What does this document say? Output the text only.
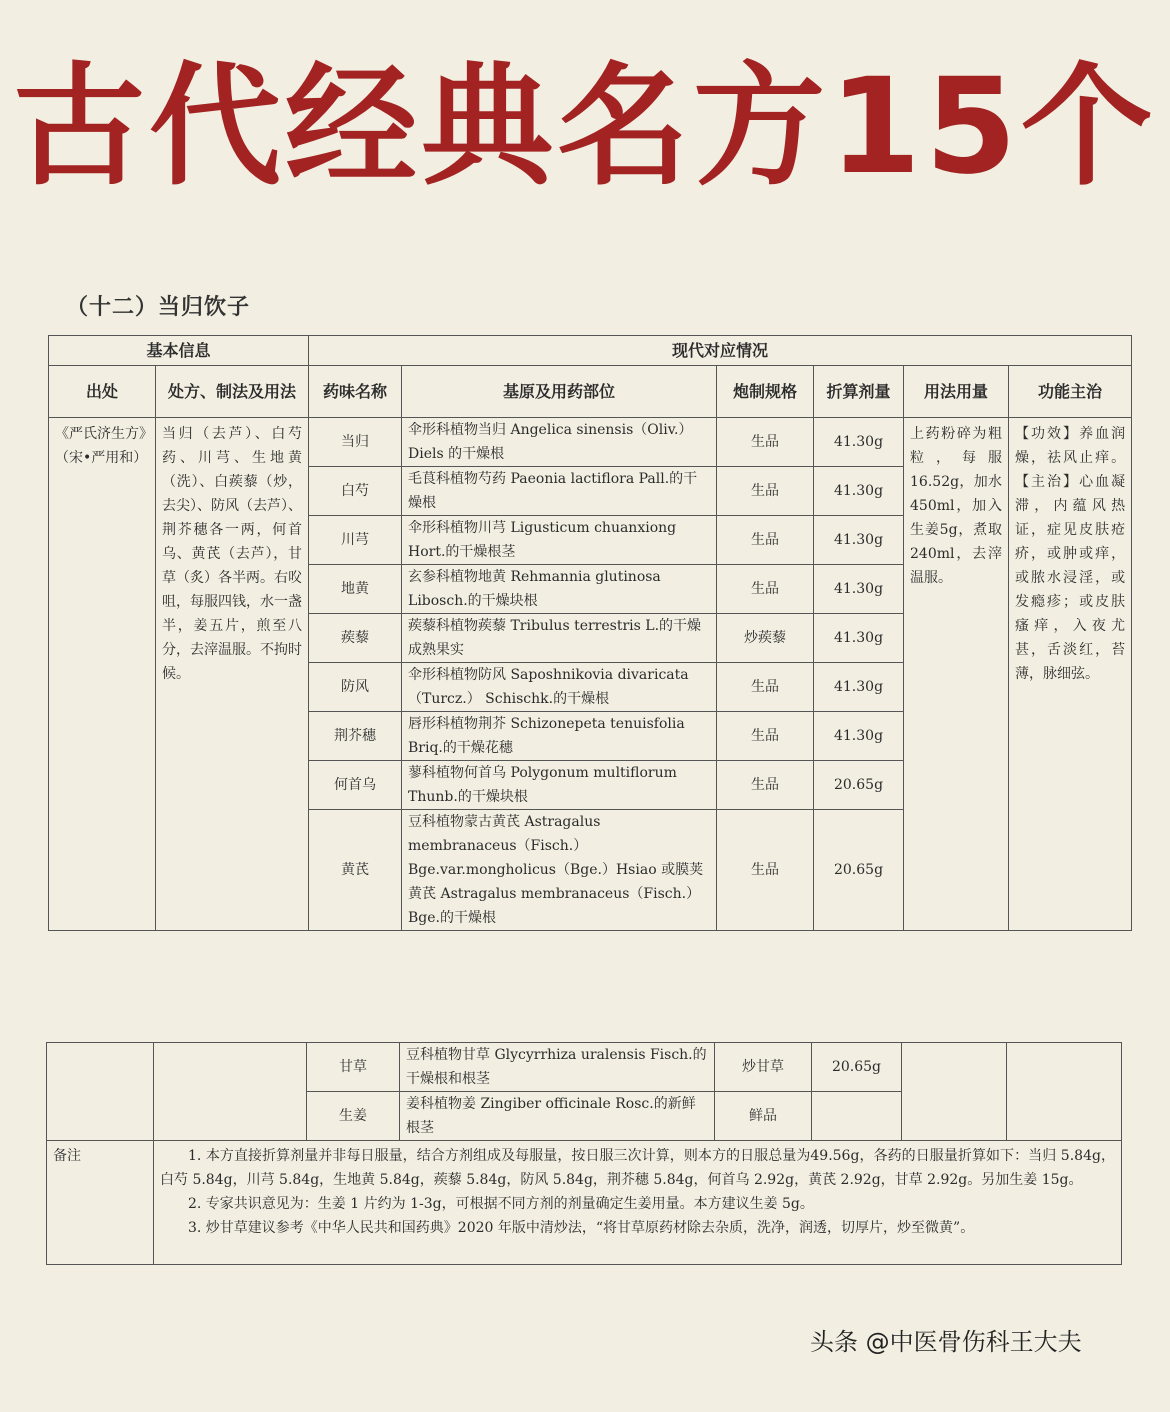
古代经典名方15个
（十二）当归饮子
基本信息		现代对应情况					
出处	处方、制法及用法	药味名称	基原及用药部位	炮制规格	折算剂量	用法用量	功能主治
《严氏济生方》（宋•严用和）	当归（去芦）、白芍药、川芎、生地黄（洗）、白蒺藜（炒，去尖）、防风（去芦）、荆芥穗各一两，何首乌、黄芪（去芦），甘草（炙）各半两。右㕮咀，每服四钱，水一盏半，姜五片，煎至八分，去滓温服。不拘时候。	当归	伞形科植物当归 Angelica sinensis（Oliv.） Diels 的干燥根	生品	41.30g	上药粉碎为粗粒，每服16.52g，加水450ml，加入生姜5g，煮取240ml，去滓温服。	【功效】养血润燥，祛风止痒。【主治】心血凝滞，内蕴风热证，症见皮肤疮疥，或肿或痒，或脓水浸淫，或发瘾疹；或皮肤瘙痒，入夜尤甚，舌淡红，苔薄，脉细弦。
		白芍	毛茛科植物芍药 Paeonia lactiflora Pall.的干燥根	生品	41.30g		
		川芎	伞形科植物川芎 Ligusticum chuanxiong Hort.的干燥根茎	生品	41.30g		
		地黄	玄参科植物地黄 Rehmannia glutinosa Libosch.的干燥块根	生品	41.30g		
		蒺藜	蒺藜科植物蒺藜 Tribulus terrestris L.的干燥成熟果实	炒蒺藜	41.30g		
		防风	伞形科植物防风 Saposhnikovia divaricata（Turcz.） Schischk.的干燥根	生品	41.30g		
		荆芥穗	唇形科植物荆芥 Schizonepeta tenuisfolia Briq.的干燥花穗	生品	41.30g		
		何首乌	蓼科植物何首乌 Polygonum multiflorum Thunb.的干燥块根	生品	20.65g		
		黄芪	豆科植物蒙古黄芪 Astragalus membranaceus（Fisch.） Bge.var.mongholicus（Bge.）Hsiao 或膜荚黄芪 Astragalus membranaceus（Fisch.） Bge.的干燥根	生品	20.65g		
		甘草	豆科植物甘草 Glycyrrhiza uralensis Fisch.的干燥根和根茎	炒甘草	20.65g		
		生姜	姜科植物姜 Zingiber officinale Rosc.的新鲜根茎	鲜品			
备注	1. 本方直接折算剂量并非每日服量，结合方剂组成及每服量，按日服三次计算，则本方的日服总量为49.56g，各药的日服量折算如下：当归 5.84g，白芍 5.84g，川芎 5.84g，生地黄 5.84g，蒺藜 5.84g，防风 5.84g，荆芥穗 5.84g，何首乌 2.92g，黄芪 2.92g，甘草 2.92g。另加生姜 15g。

2. 专家共识意见为：生姜 1 片约为 1-3g，可根据不同方剂的剂量确定生姜用量。本方建议生姜 5g。

3. 炒甘草建议参考《中华人民共和国药典》2020 年版中清炒法，“将甘草原药材除去杂质，洗净，润透，切厚片，炒至微黄”。						

头条 @中医骨伤科王大夫
